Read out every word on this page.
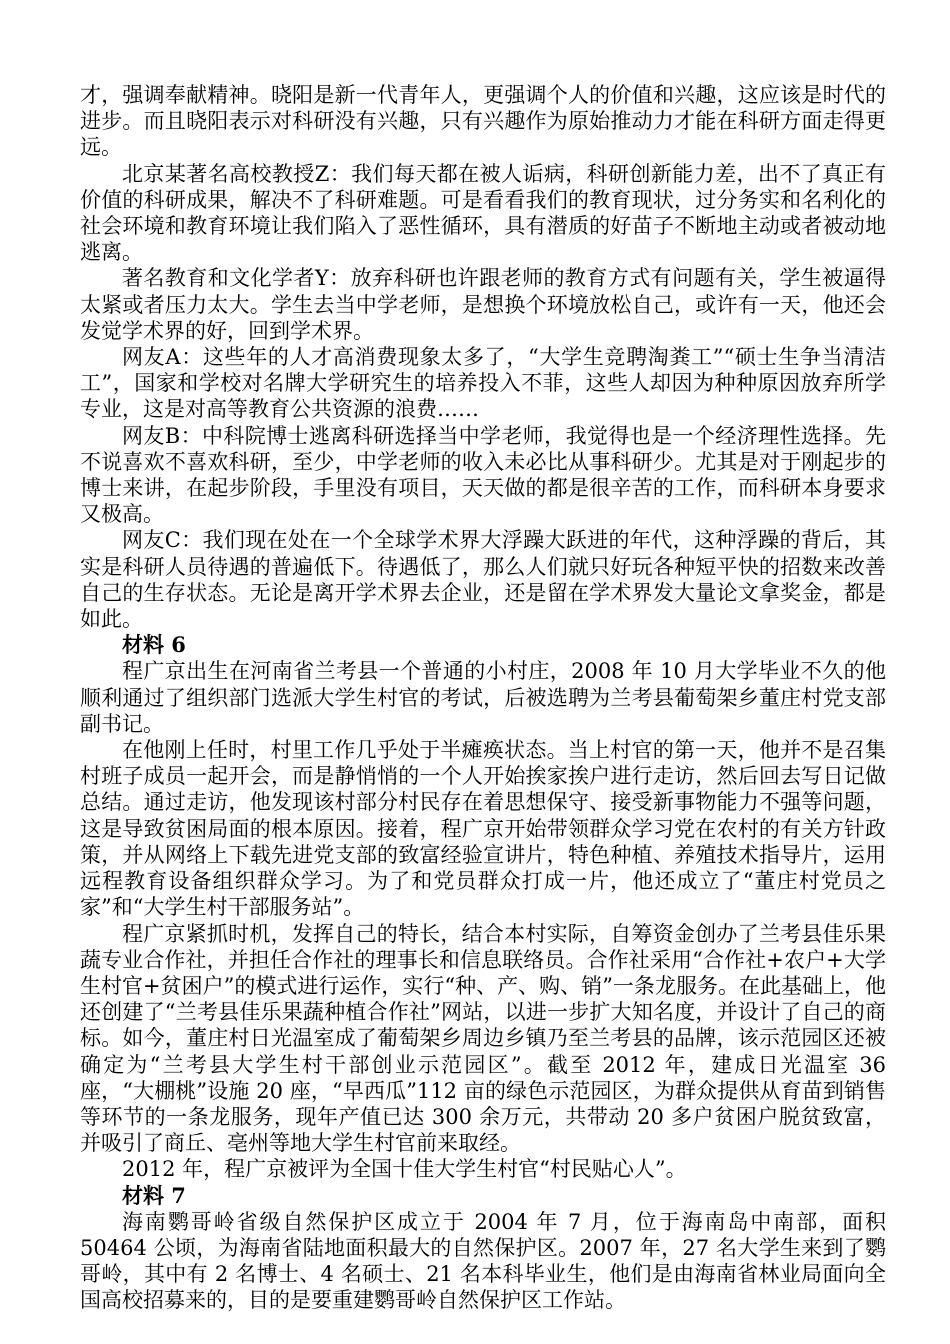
才，强调奉献精神。晓阳是新一代青年人，更强调个人的价值和兴趣，这应该是时代的进步。而且晓阳表示对科研没有兴趣，只有兴趣作为原始推动力才能在科研方面走得更远。

北京某著名高校教授Z：我们每天都在被人诟病，科研创新能力差，出不了真正有价值的科研成果，解决不了科研难题。可是看看我们的教育现状，过分务实和名利化的社会环境和教育环境让我们陷入了恶性循环，具有潜质的好苗子不断地主动或者被动地逃离。

著名教育和文化学者Y：放弃科研也许跟老师的教育方式有问题有关，学生被逼得太紧或者压力太大。学生去当中学老师，是想换个环境放松自己，或许有一天，他还会发觉学术界的好，回到学术界。

网友A：这些年的人才高消费现象太多了，“大学生竞聘淘粪工”“硕士生争当清洁工”，国家和学校对名牌大学研究生的培养投入不菲，这些人却因为种种原因放弃所学专业，这是对高等教育公共资源的浪费……

网友B：中科院博士逃离科研选择当中学老师，我觉得也是一个经济理性选择。先不说喜欢不喜欢科研，至少，中学老师的收入未必比从事科研少。尤其是对于刚起步的博士来讲，在起步阶段，手里没有项目，天天做的都是很辛苦的工作，而科研本身要求又极高。

网友C：我们现在处在一个全球学术界大浮躁大跃进的年代，这种浮躁的背后，其实是科研人员待遇的普遍低下。待遇低了，那么人们就只好玩各种短平快的招数来改善自己的生存状态。无论是离开学术界去企业，还是留在学术界发大量论文拿奖金，都是如此。

材料 6

程广京出生在河南省兰考县一个普通的小村庄，2008 年 10 月大学毕业不久的他顺利通过了组织部门选派大学生村官的考试，后被选聘为兰考县葡萄架乡董庄村党支部副书记。

在他刚上任时，村里工作几乎处于半瘫痪状态。当上村官的第一天，他并不是召集村班子成员一起开会，而是静悄悄的一个人开始挨家挨户进行走访，然后回去写日记做总结。通过走访，他发现该村部分村民存在着思想保守、接受新事物能力不强等问题，这是导致贫困局面的根本原因。接着，程广京开始带领群众学习党在农村的有关方针政策，并从网络上下载先进党支部的致富经验宣讲片，特色种植、养殖技术指导片，运用远程教育设备组织群众学习。为了和党员群众打成一片，他还成立了“董庄村党员之家”和“大学生村干部服务站”。

程广京紧抓时机，发挥自己的特长，结合本村实际，自筹资金创办了兰考县佳乐果蔬专业合作社，并担任合作社的理事长和信息联络员。合作社采用“合作社+农户+大学生村官+贫困户”的模式进行运作，实行“种、产、购、销”一条龙服务。在此基础上，他还创建了“兰考县佳乐果蔬种植合作社”网站，以进一步扩大知名度，并设计了自己的商标。如今，董庄村日光温室成了葡萄架乡周边乡镇乃至兰考县的品牌，该示范园区还被确定为“兰考县大学生村干部创业示范园区”。截至 2012 年，建成日光温室 36 座，“大棚桃”设施 20 座，“早西瓜”112 亩的绿色示范园区，为群众提供从育苗到销售等环节的一条龙服务，现年产值已达 300 余万元，共带动 20 多户贫困户脱贫致富，并吸引了商丘、亳州等地大学生村官前来取经。

2012 年，程广京被评为全国十佳大学生村官“村民贴心人”。

材料 7

海南鹦哥岭省级自然保护区成立于 2004 年 7 月，位于海南岛中南部，面积 50464 公顷，为海南省陆地面积最大的自然保护区。2007 年，27 名大学生来到了鹦哥岭，其中有 2 名博士、4 名硕士、21 名本科毕业生，他们是由海南省林业局面向全国高校招募来的，目的是要重建鹦哥岭自然保护区工作站。
